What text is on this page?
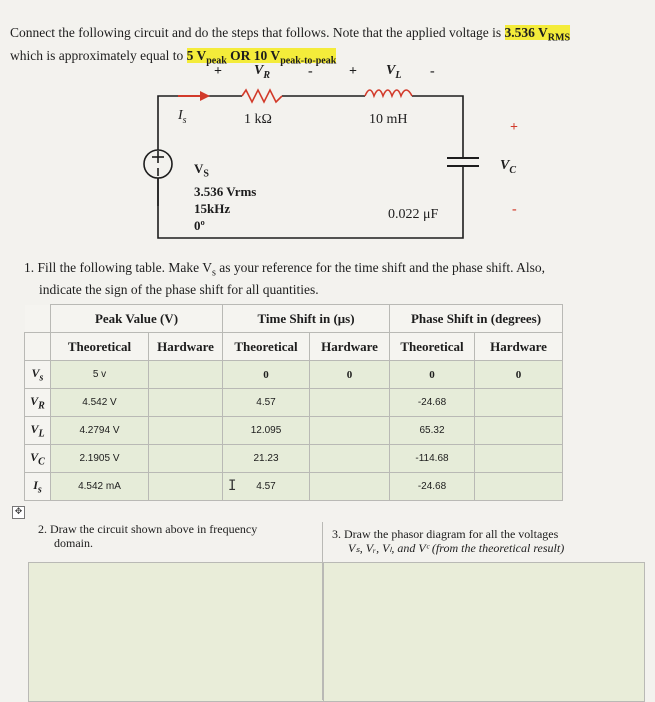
Connect the following circuit and do the steps that follows. Note that the applied voltage is 3.536 $V_{RMS}$
which is approximately equal to 5 $V_{peak}$ OR 10 $V_{peak-to-peak}$
+ $V_R$	-	+ $V_L$ -
$I_s$	1 kΩ	10 mH
+
$V_C$
-
0.022 μF
$V_S$
3.536 Vrms
15kHz
0º
1. Fill the following table. Make $V_s$ as your reference for the time shift and the phase shift. Also,
indicate the sign of the phase shift for all quantities.
	Peak Value (V)		Time Shift in (μs)		Phase Shift in (degrees)	
	Theoretical	Hardware	Theoretical	Hardware	Theoretical	Hardware
$V_s$	5 v		0	0	0	0
$V_R$	4.542 V		4.57		-24.68	
$V_L$	4.2794 V		12.095		65.32	
$V_C$	2.1905 V		21.23		-114.68	
$I_s$	4.542 mA		4.57		-24.68	
I
✥
2. Draw the circuit shown above in frequency
domain.
3. Draw the phasor diagram for all the voltages
Vₛ, Vᵣ, Vₗ, and Vᶜ (from the theoretical result)
